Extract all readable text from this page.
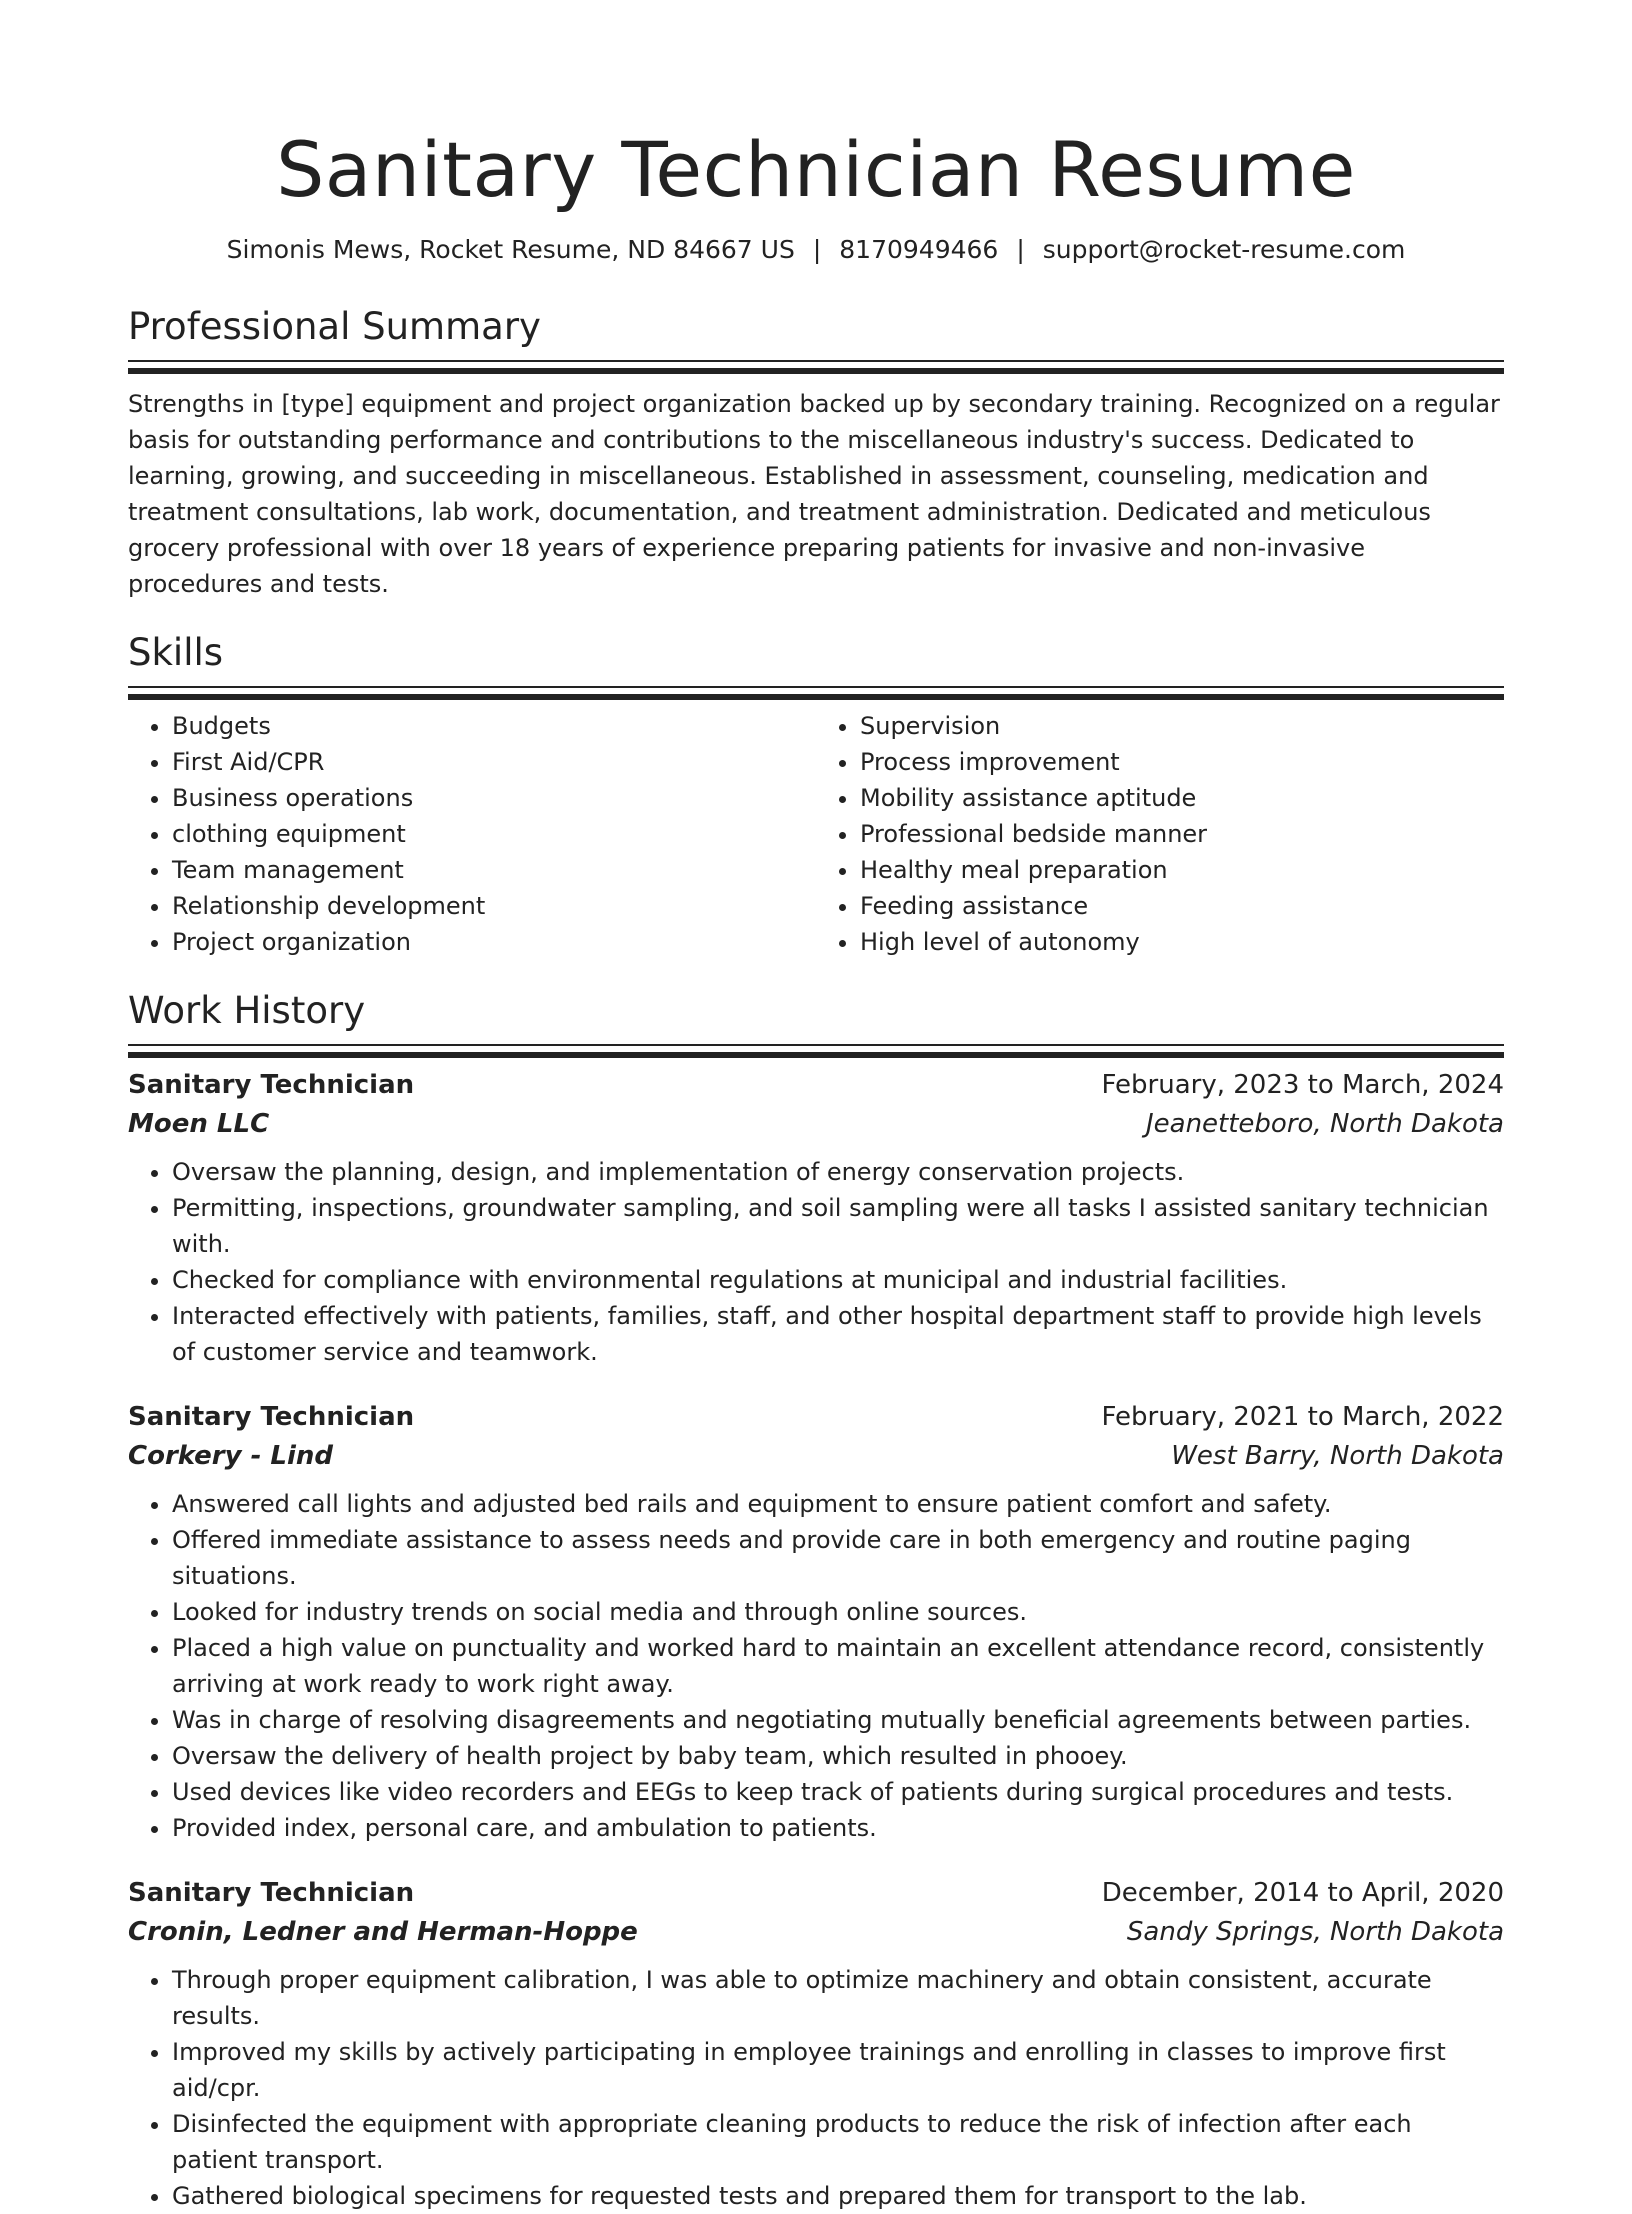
Sanitary Technician Resume
Simonis Mews, Rocket Resume, ND 84667 US | 8170949466 | support@rocket-resume.com
Professional Summary

Strengths in [type] equipment and project organization backed up by secondary training. Recognized on a regular basis for outstanding performance and contributions to the miscellaneous industry's success. Dedicated to learning, growing, and succeeding in miscellaneous. Established in assessment, counseling, medication and treatment consultations, lab work, documentation, and treatment administration. Dedicated and meticulous grocery professional with over 18 years of experience preparing patients for invasive and non-invasive procedures and tests.

Skills
• Budgets
• First Aid/CPR
• Business operations
• clothing equipment
• Team management
• Relationship development
• Project organization
• Supervision
• Process improvement
• Mobility assistance aptitude
• Professional bedside manner
• Healthy meal preparation
• Feeding assistance
• High level of autonomy
Work History
Sanitary Technician	February, 2023 to March, 2024
Moen LLC	Jeanetteboro, North Dakota
• Oversaw the planning, design, and implementation of energy conservation projects.
• Permitting, inspections, groundwater sampling, and soil sampling were all tasks I assisted sanitary technician with.
• Checked for compliance with environmental regulations at municipal and industrial facilities.
• Interacted effectively with patients, families, staff, and other hospital department staff to provide high levels of customer service and teamwork.
Sanitary Technician	February, 2021 to March, 2022
Corkery - Lind	West Barry, North Dakota
• Answered call lights and adjusted bed rails and equipment to ensure patient comfort and safety.
• Offered immediate assistance to assess needs and provide care in both emergency and routine paging situations.
• Looked for industry trends on social media and through online sources.
• Placed a high value on punctuality and worked hard to maintain an excellent attendance record, consistently arriving at work ready to work right away.
• Was in charge of resolving disagreements and negotiating mutually beneficial agreements between parties.
• Oversaw the delivery of health project by baby team, which resulted in phooey.
• Used devices like video recorders and EEGs to keep track of patients during surgical procedures and tests.
• Provided index, personal care, and ambulation to patients.
Sanitary Technician	December, 2014 to April, 2020
Cronin, Ledner and Herman-Hoppe	Sandy Springs, North Dakota
• Through proper equipment calibration, I was able to optimize machinery and obtain consistent, accurate results.
• Improved my skills by actively participating in employee trainings and enrolling in classes to improve first aid/cpr.
• Disinfected the equipment with appropriate cleaning products to reduce the risk of infection after each patient transport.
• Gathered biological specimens for requested tests and prepared them for transport to the lab.
